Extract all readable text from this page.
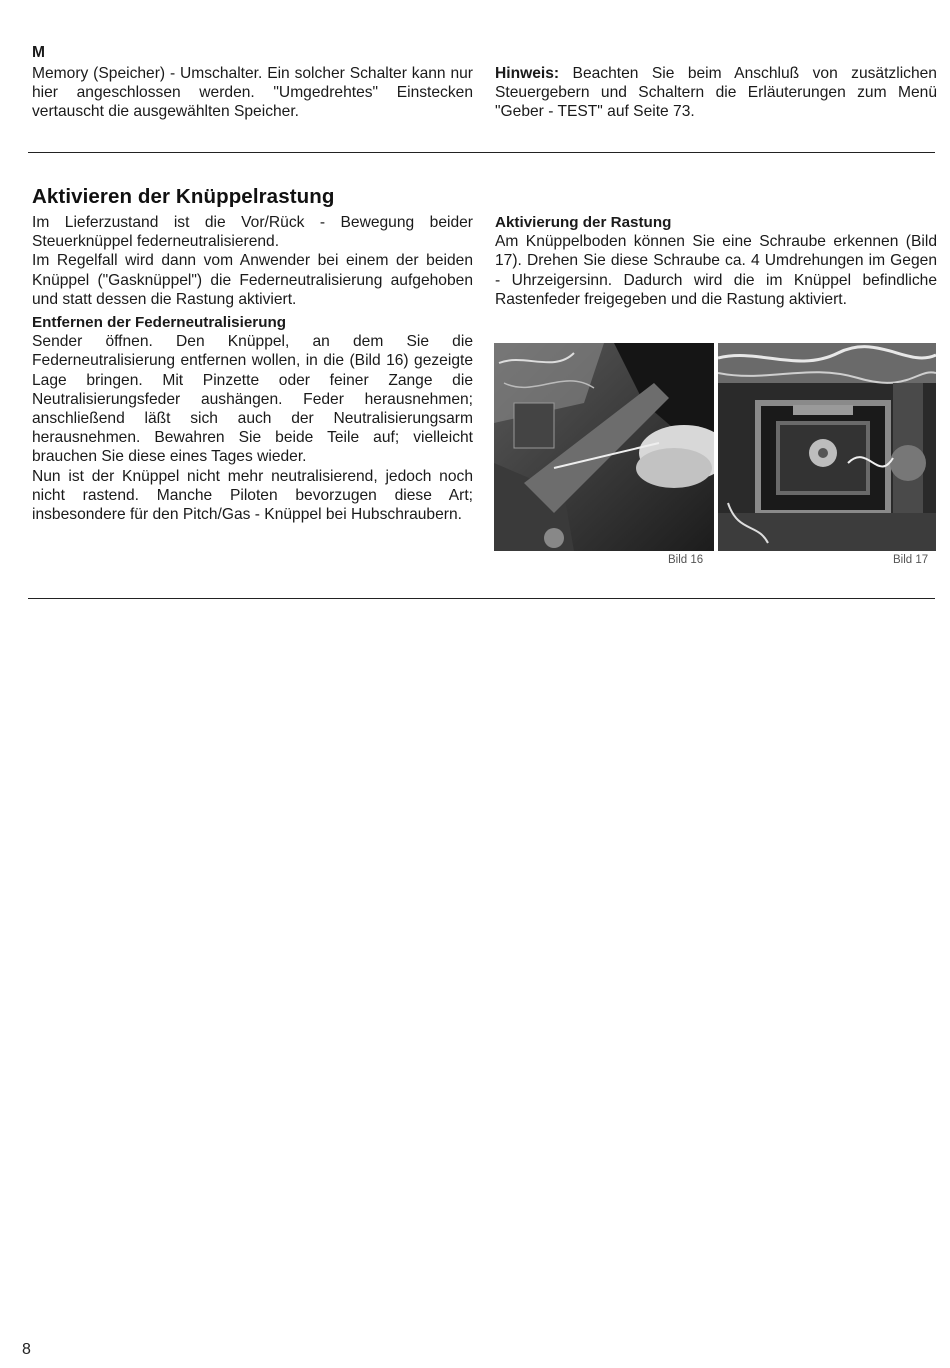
M

Memory (Speicher) - Umschalter. Ein solcher Schalter kann nur hier angeschlossen werden. "Umgedrehtes" Einstecken vertauscht die ausgewählten Speicher.
Hinweis: Beachten Sie beim Anschluß von zusätzlichen Steuergebern und Schaltern die Erläuterungen zum Menü "Geber - TEST" auf Seite 73.
Aktivieren der Knüppelrastung

Im Lieferzustand ist die Vor/Rück - Bewegung beider Steuerknüppel federneutralisierend.

Im Regelfall wird dann vom Anwender bei einem der beiden Knüppel ("Gasknüppel") die Federneutralisierung aufgehoben und statt dessen die Rastung aktiviert.

Entfernen der Federneutralisierung

Sender öffnen. Den Knüppel, an dem Sie die Federneutralisierung entfernen wollen, in die (Bild 16) gezeigte Lage bringen. Mit Pinzette oder feiner Zange die Neutralisierungsfeder aushängen. Feder herausnehmen; anschließend läßt sich auch der Neutralisierungsarm herausnehmen. Bewahren Sie beide Teile auf; vielleicht brauchen Sie diese eines Tages wieder.

Nun ist der Knüppel nicht mehr neutralisierend, jedoch noch nicht rastend. Manche Piloten bevorzugen diese Art; insbesondere für den Pitch/Gas - Knüppel bei Hubschraubern.

Aktivierung der Rastung

Am Knüppelboden können Sie eine Schraube erkennen (Bild 17). Drehen Sie diese Schraube ca. 4 Umdrehungen im Gegen - Uhrzeigersinn. Dadurch wird die im Knüppel befindliche Rastenfeder freigegeben und die Rastung aktiviert.

Bild 16	Bild 17
8
